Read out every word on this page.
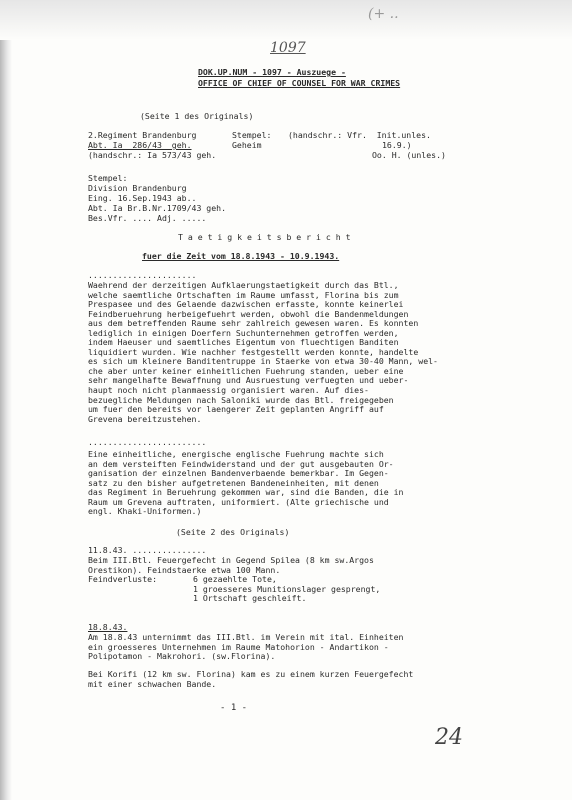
1097
(+ ..
DOK.UP.NUM - 1097 - Auszuege -
OFFICE OF CHIEF OF COUNSEL FOR WAR CRIMES
(Seite 1 des Originals)
2.Regiment Brandenburg
Abt. Ia  286/43  geh.
(handschr.: Ia 573/43 geh.
Stempel:
Geheim
(handschr.: Vfr.  Init.unles.
16.9.)
Oo. H. (unles.)
Stempel:
Division Brandenburg
Eing. 16.Sep.1943 ab..
Abt. Ia Br.B.Nr.1709/43 geh.
Bes.Vfr. .... Adj. .....
T a e t i g k e i t s b e r i c h t
fuer die Zeit vom 18.8.1943 - 10.9.1943.
......................
Waehrend der derzeitigen Aufklaerungstaetigkeit durch das Btl.,
welche saemtliche Ortschaften im Raume umfasst, Florina bis zum
Prespasee und des Gelaende dazwischen erfasste, konnte keinerlei
Feindberuehrung herbeigefuehrt werden, obwohl die Bandenmeldungen
aus dem betreffenden Raume sehr zahlreich gewesen waren. Es konnten
lediglich in einigen Doerfern Suchunternehmen getroffen werden,
indem Haeuser und saemtliches Eigentum von fluechtigen Banditen
liquidiert wurden. Wie nachher festgestellt werden konnte, handelte
es sich um kleinere Banditentruppe in Staerke von etwa 30-40 Mann, wel-
che aber unter keiner einheitlichen Fuehrung standen, ueber eine
sehr mangelhafte Bewaffnung und Ausruestung verfuegten und ueber-
haupt noch nicht planmaessig organisiert waren. Auf dies-
bezuegliche Meldungen nach Saloniki wurde das Btl. freigegeben
um fuer den bereits vor laengerer Zeit geplanten Angriff auf
Grevena bereitzustehen.
........................
Eine einheitliche, energische englische Fuehrung machte sich
an dem versteiften Feindwiderstand und der gut ausgebauten Or-
ganisation der einzelnen Bandenverbaende bemerkbar. Im Gegen-
satz zu den bisher aufgetretenen Bandeneinheiten, mit denen
das Regiment in Beruehrung gekommen war, sind die Banden, die in
Raum um Grevena auftraten, uniformiert. (Alte griechische und
engl. Khaki-Uniformen.)
(Seite 2 des Originals)
11.8.43. ...............
Beim III.Btl. Feuergefecht in Gegend Spilea (8 km sw.Argos
Orestikon). Feindstaerke etwa 100 Mann.
Feindverluste:	6 gezaehlte Tote,
1 groesseres Munitionslager gesprengt,
1 Ortschaft geschleift.
18.8.43.
Am 18.8.43 unternimmt das III.Btl. im Verein mit ital. Einheiten
ein groesseres Unternehmen im Raume Matohorion - Andartikon -
Polipotamon - Makrohori. (sw.Florina).
Bei Korifi (12 km sw. Florina) kam es zu einem kurzen Feuergefecht
mit einer schwachen Bande.
- 1 -
24
